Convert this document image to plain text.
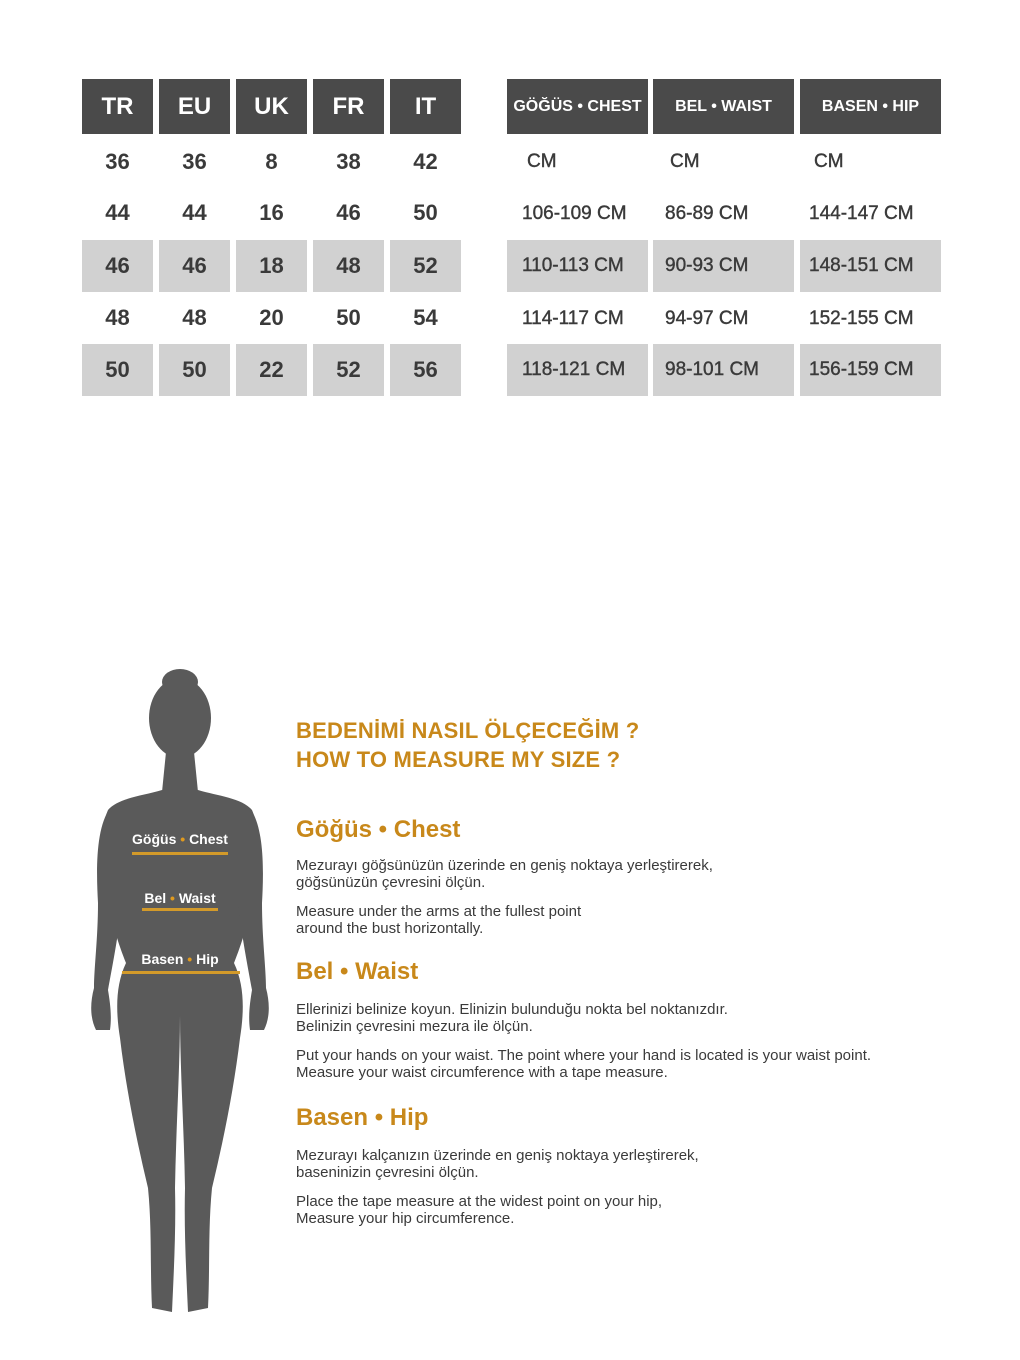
TR	EU	UK	FR	IT
36	36	8	38	42
44	44	16	46	50
46	46	18	48	52
48	48	20	50	54
50	50	22	52	56
GÖĞÜS • CHEST	BEL • WAIST	BASEN • HIP
CM	CM	CM
106-109 CM	86-89 CM	144-147 CM
110-113 CM	90-93 CM	148-151 CM
114-117 CM	94-97 CM	152-155 CM
118-121 CM	98-101 CM	156-159 CM
Göğüs • Chest
Bel • Waist
Basen • Hip
BEDENİMİ NASIL ÖLÇECEĞİM ?
HOW TO MEASURE MY SIZE ?
Göğüs • Chest
Mezurayı göğsünüzün üzerinde en geniş noktaya yerleştirerek,
göğsünüzün çevresini ölçün.
Measure under the arms at the fullest point
around the bust horizontally.
Bel • Waist
Ellerinizi belinize koyun. Elinizin bulunduğu nokta bel noktanızdır.
Belinizin çevresini mezura ile ölçün.
Put your hands on your waist. The point where your hand is located is your waist point.
Measure your waist circumference with a tape measure.
Basen • Hip
Mezurayı kalçanızın üzerinde en geniş noktaya yerleştirerek,
baseninizin çevresini ölçün.
Place the tape measure at the widest point on your hip,
Measure your hip circumference.
